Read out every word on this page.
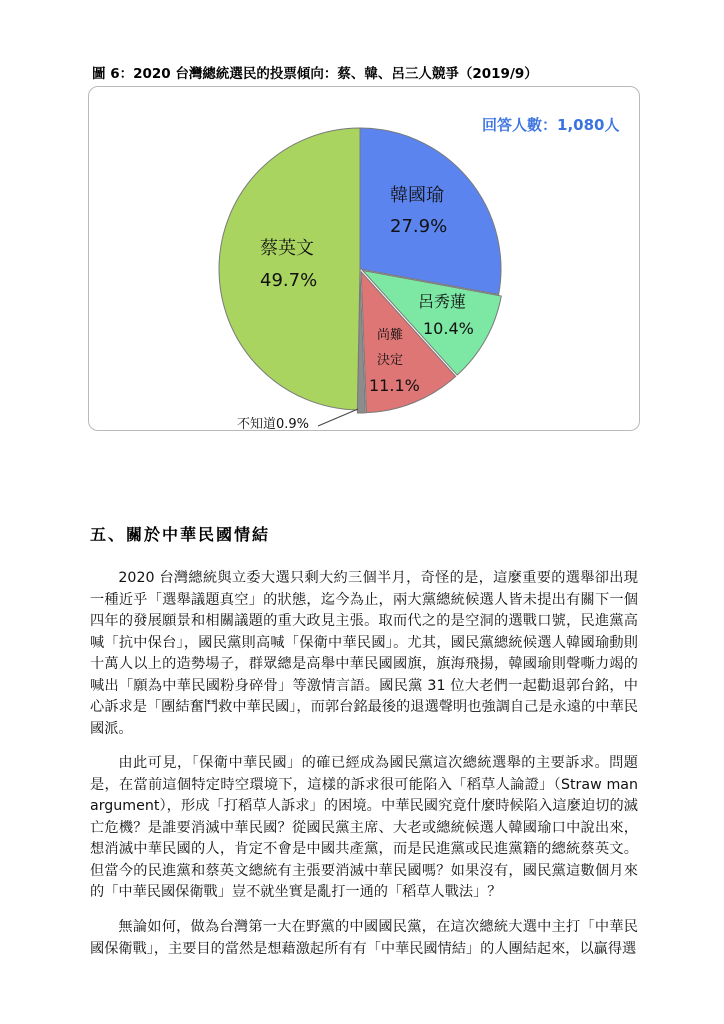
圖 6：2020 台灣總統選民的投票傾向：蔡、韓、呂三人競爭（2019/9）
回答人數：1,080人
韓國瑜
27.9%
呂秀蓮
10.4%
尚難
決定
11.1%
不知道0.9%
蔡英文
49.7%
五、關於中華民國情結
2020 台灣總統與立委大選只剩大約三個半月，奇怪的是，這麼重要的選舉卻出現一種近乎「選舉議題真空」的狀態，迄今為止，兩大黨總統候選人皆未提出有關下一個四年的發展願景和相關議題的重大政見主張。取而代之的是空洞的選戰口號，民進黨高喊「抗中保台」，國民黨則高喊「保衛中華民國」。尤其，國民黨總統候選人韓國瑜動則十萬人以上的造勢場子，群眾總是高舉中華民國國旗，旗海飛揚，韓國瑜則聲嘶力竭的喊出「願為中華民國粉身碎骨」等激情言語。國民黨 31 位大老們一起勸退郭台銘，中心訴求是「團結奮鬥救中華民國」，而郭台銘最後的退選聲明也強調自己是永遠的中華民國派。
由此可見，「保衛中華民國」的確已經成為國民黨這次總統選舉的主要訴求。問題是，在當前這個特定時空環境下，這樣的訴求很可能陷入「稻草人論證」（Straw man argument），形成「打稻草人訴求」的困境。中華民國究竟什麼時候陷入這麼迫切的滅亡危機？是誰要消滅中華民國？從國民黨主席、大老或總統候選人韓國瑜口中說出來，想消滅中華民國的人，肯定不會是中國共產黨，而是民進黨或民進黨籍的總統蔡英文。但當今的民進黨和蔡英文總統有主張要消滅中華民國嗎？如果沒有，國民黨這數個月來的「中華民國保衛戰」豈不就坐實是亂打一通的「稻草人戰法」？
無論如何，做為台灣第一大在野黨的中國國民黨，在這次總統大選中主打「中華民國保衛戰」，主要目的當然是想藉激起所有有「中華民國情結」的人團結起來，以贏得選
